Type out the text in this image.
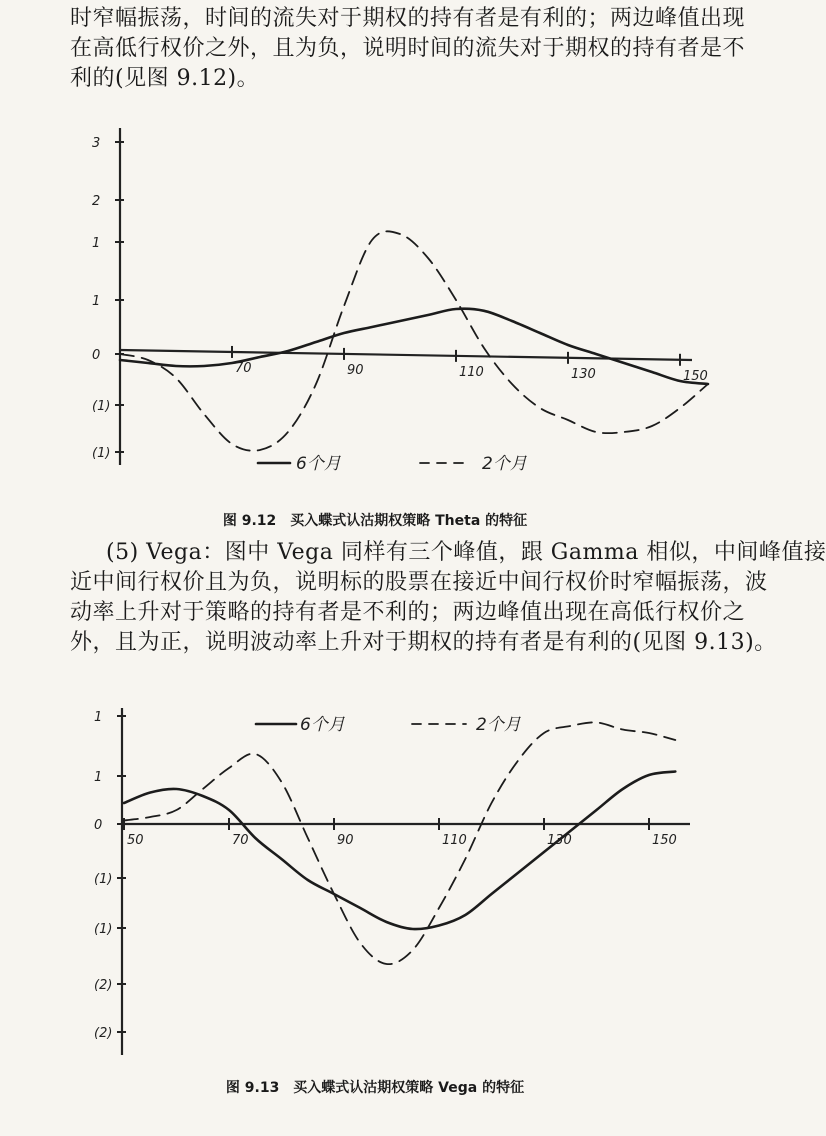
时窄幅振荡，时间的流失对于期权的持有者是有利的；两边峰值出现
在高低行权价之外，且为负，说明时间的流失对于期权的持有者是不
利的(见图 9.12)。

3
2
1
1
0
(1)
(1)
70	90	110	130	150
6个月	2个月

图 9.12　买入蝶式认沽期权策略 Theta 的特征

(5) Vega：图中 Vega 同样有三个峰值，跟 Gamma 相似，中间峰值接
近中间行权价且为负，说明标的股票在接近中间行权价时窄幅振荡，波
动率上升对于策略的持有者是不利的；两边峰值出现在高低行权价之
外，且为正，说明波动率上升对于期权的持有者是有利的(见图 9.13)。

1
1
0
(1)
(1)
(2)
(2)
50	70	90	110	130	150
6个月	2个月

图 9.13　买入蝶式认沽期权策略 Vega 的特征
